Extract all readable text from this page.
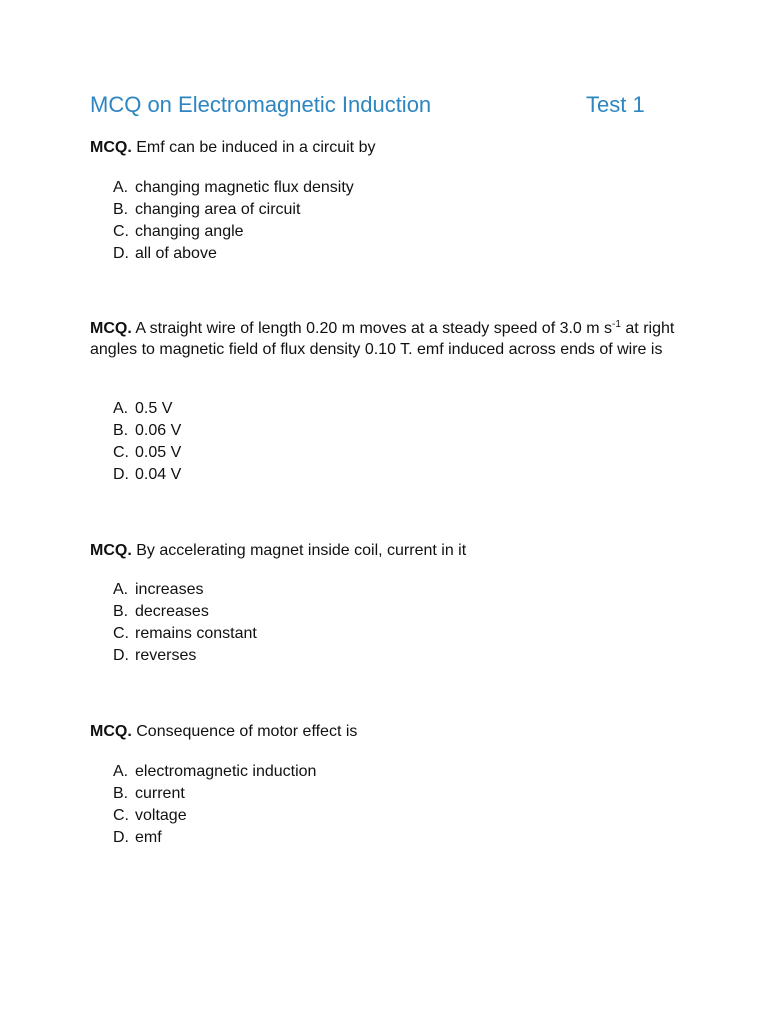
MCQ on Electromagnetic Induction	Test 1
MCQ. Emf can be induced in a circuit by
A. changing magnetic flux density
B. changing area of circuit
C. changing angle
D. all of above
MCQ. A straight wire of length 0.20 m moves at a steady speed of 3.0 m $s^{-1}$ at right angles to magnetic field of flux density 0.10 T. emf induced across ends of wire is
A. 0.5 V
B. 0.06 V
C. 0.05 V
D. 0.04 V
MCQ. By accelerating magnet inside coil, current in it
A. increases
B. decreases
C. remains constant
D. reverses
MCQ. Consequence of motor effect is
A. electromagnetic induction
B. current
C. voltage
D. emf
